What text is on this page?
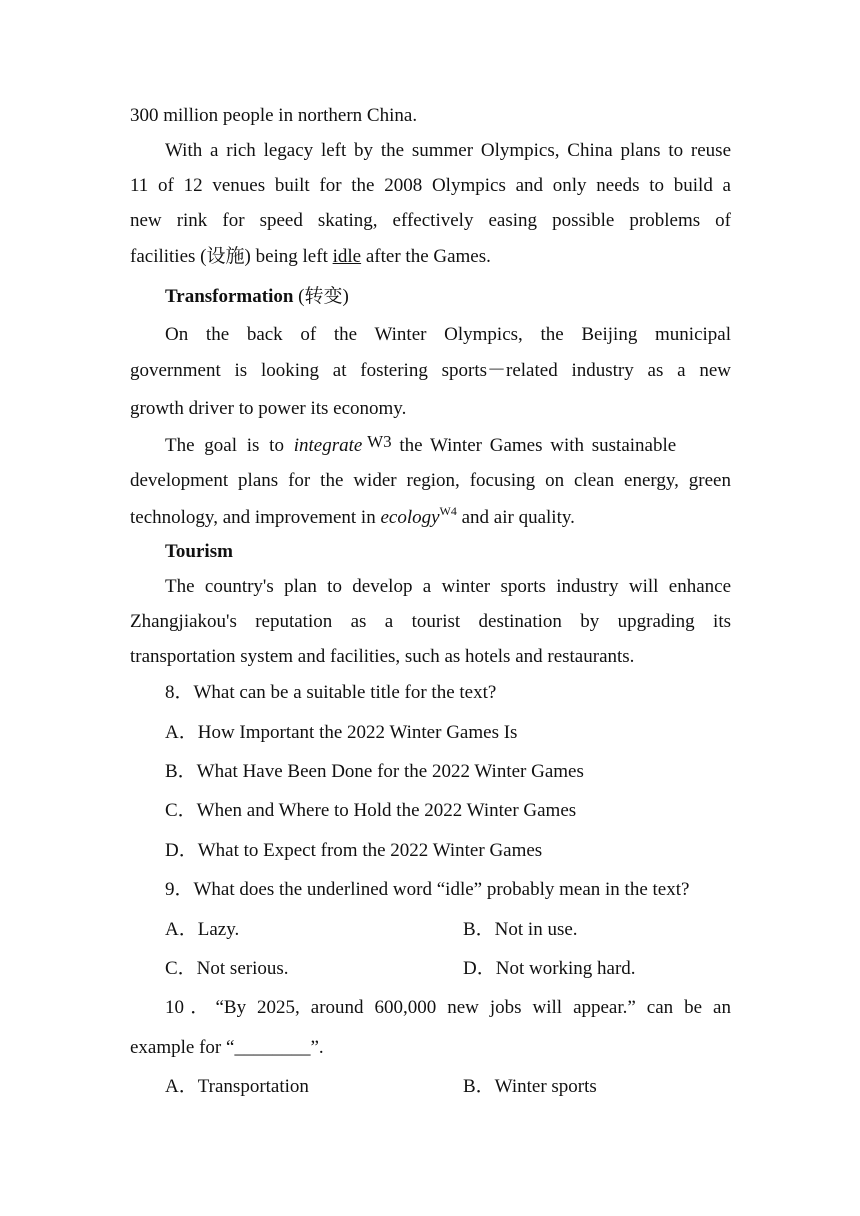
300 million people in northern China.
With a rich legacy left by the summer Olympics, China plans to reuse
11 of 12 venues built for the 2008 Olympics and only needs to build a
new rink for speed skating, effectively easing possible problems of
facilities (设施) being left idle after the Games.
Transformation (转变)
On the back of the Winter Olympics, the Beijing municipal
government is looking at fostering sports－related industry as a new
growth driver to power its economy.
The goal is to integrate W3 the Winter Games with sustainable
development plans for the wider region, focusing on clean energy, green
technology, and improvement in ecology$^{W4}$ and air quality.
Tourism
The country's plan to develop a winter sports industry will enhance
Zhangjiakou's reputation as a tourist destination by upgrading its
transportation system and facilities, such as hotels and restaurants.
8．What can be a suitable title for the text?
A．How Important the 2022 Winter Games Is
B．What Have Been Done for the 2022 Winter Games
C．When and Where to Hold the 2022 Winter Games
D．What to Expect from the 2022 Winter Games
9．What does the underlined word “idle” probably mean in the text?
A．Lazy.	B．Not in use.
C．Not serious.	D．Not working hard.
10．“By 2025, around 600,000 new jobs will appear.” can be an
example for “________”.
A．Transportation	B．Winter sports
